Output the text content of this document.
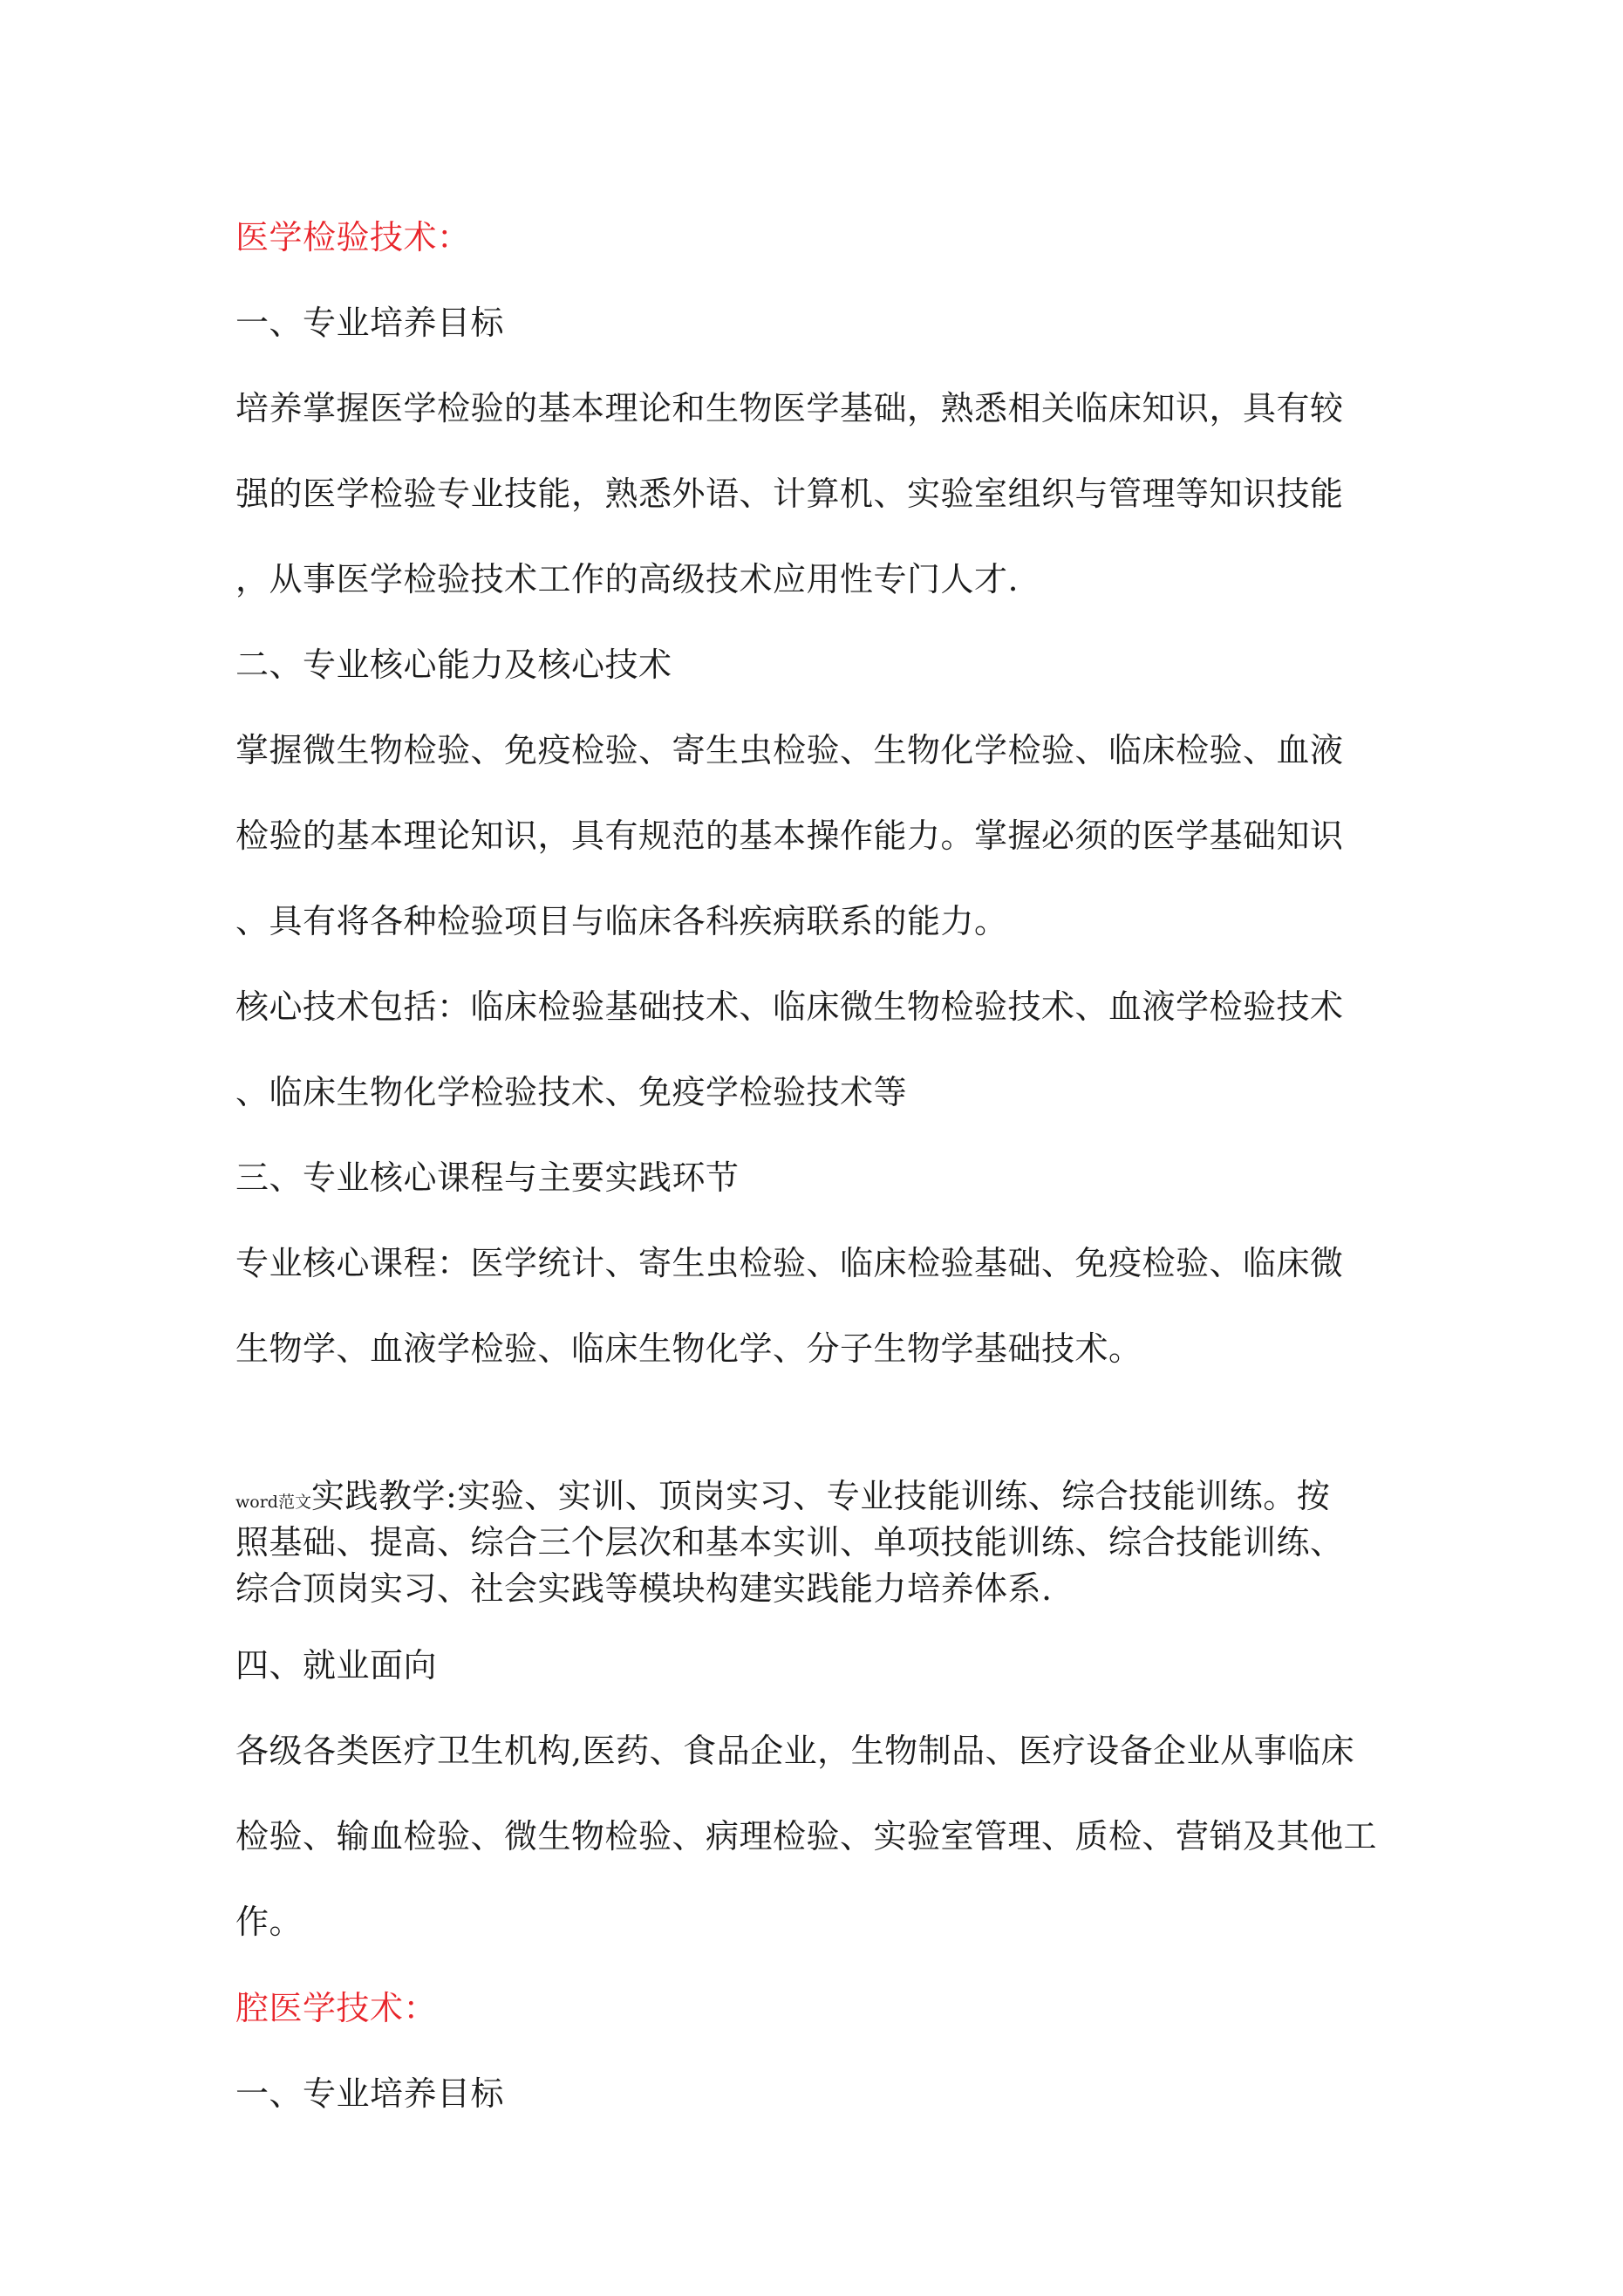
医学检验技术：
一、专业培养目标
培养掌握医学检验的基本理论和生物医学基础，熟悉相关临床知识，具有较
强的医学检验专业技能，熟悉外语、计算机、实验室组织与管理等知识技能
，从事医学检验技术工作的高级技术应用性专门人才.
二、专业核心能力及核心技术
掌握微生物检验、免疫检验、寄生虫检验、生物化学检验、临床检验、血液
检验的基本理论知识，具有规范的基本操作能力。掌握必须的医学基础知识
、具有将各种检验项目与临床各科疾病联系的能力。
核心技术包括：临床检验基础技术、临床微生物检验技术、血液学检验技术
、临床生物化学检验技术、免疫学检验技术等
三、专业核心课程与主要实践环节
专业核心课程：医学统计、寄生虫检验、临床检验基础、免疫检验、临床微
生物学、血液学检验、临床生物化学、分子生物学基础技术。
word范文实践教学:实验、实训、顶岗实习、专业技能训练、综合技能训练。按
照基础、提高、综合三个层次和基本实训、单项技能训练、综合技能训练、
综合顶岗实习、社会实践等模块构建实践能力培养体系.
四、就业面向
各级各类医疗卫生机构,医药、食品企业，生物制品、医疗设备企业从事临床
检验、输血检验、微生物检验、病理检验、实验室管理、质检、营销及其他工
作。
腔医学技术：
一、专业培养目标
